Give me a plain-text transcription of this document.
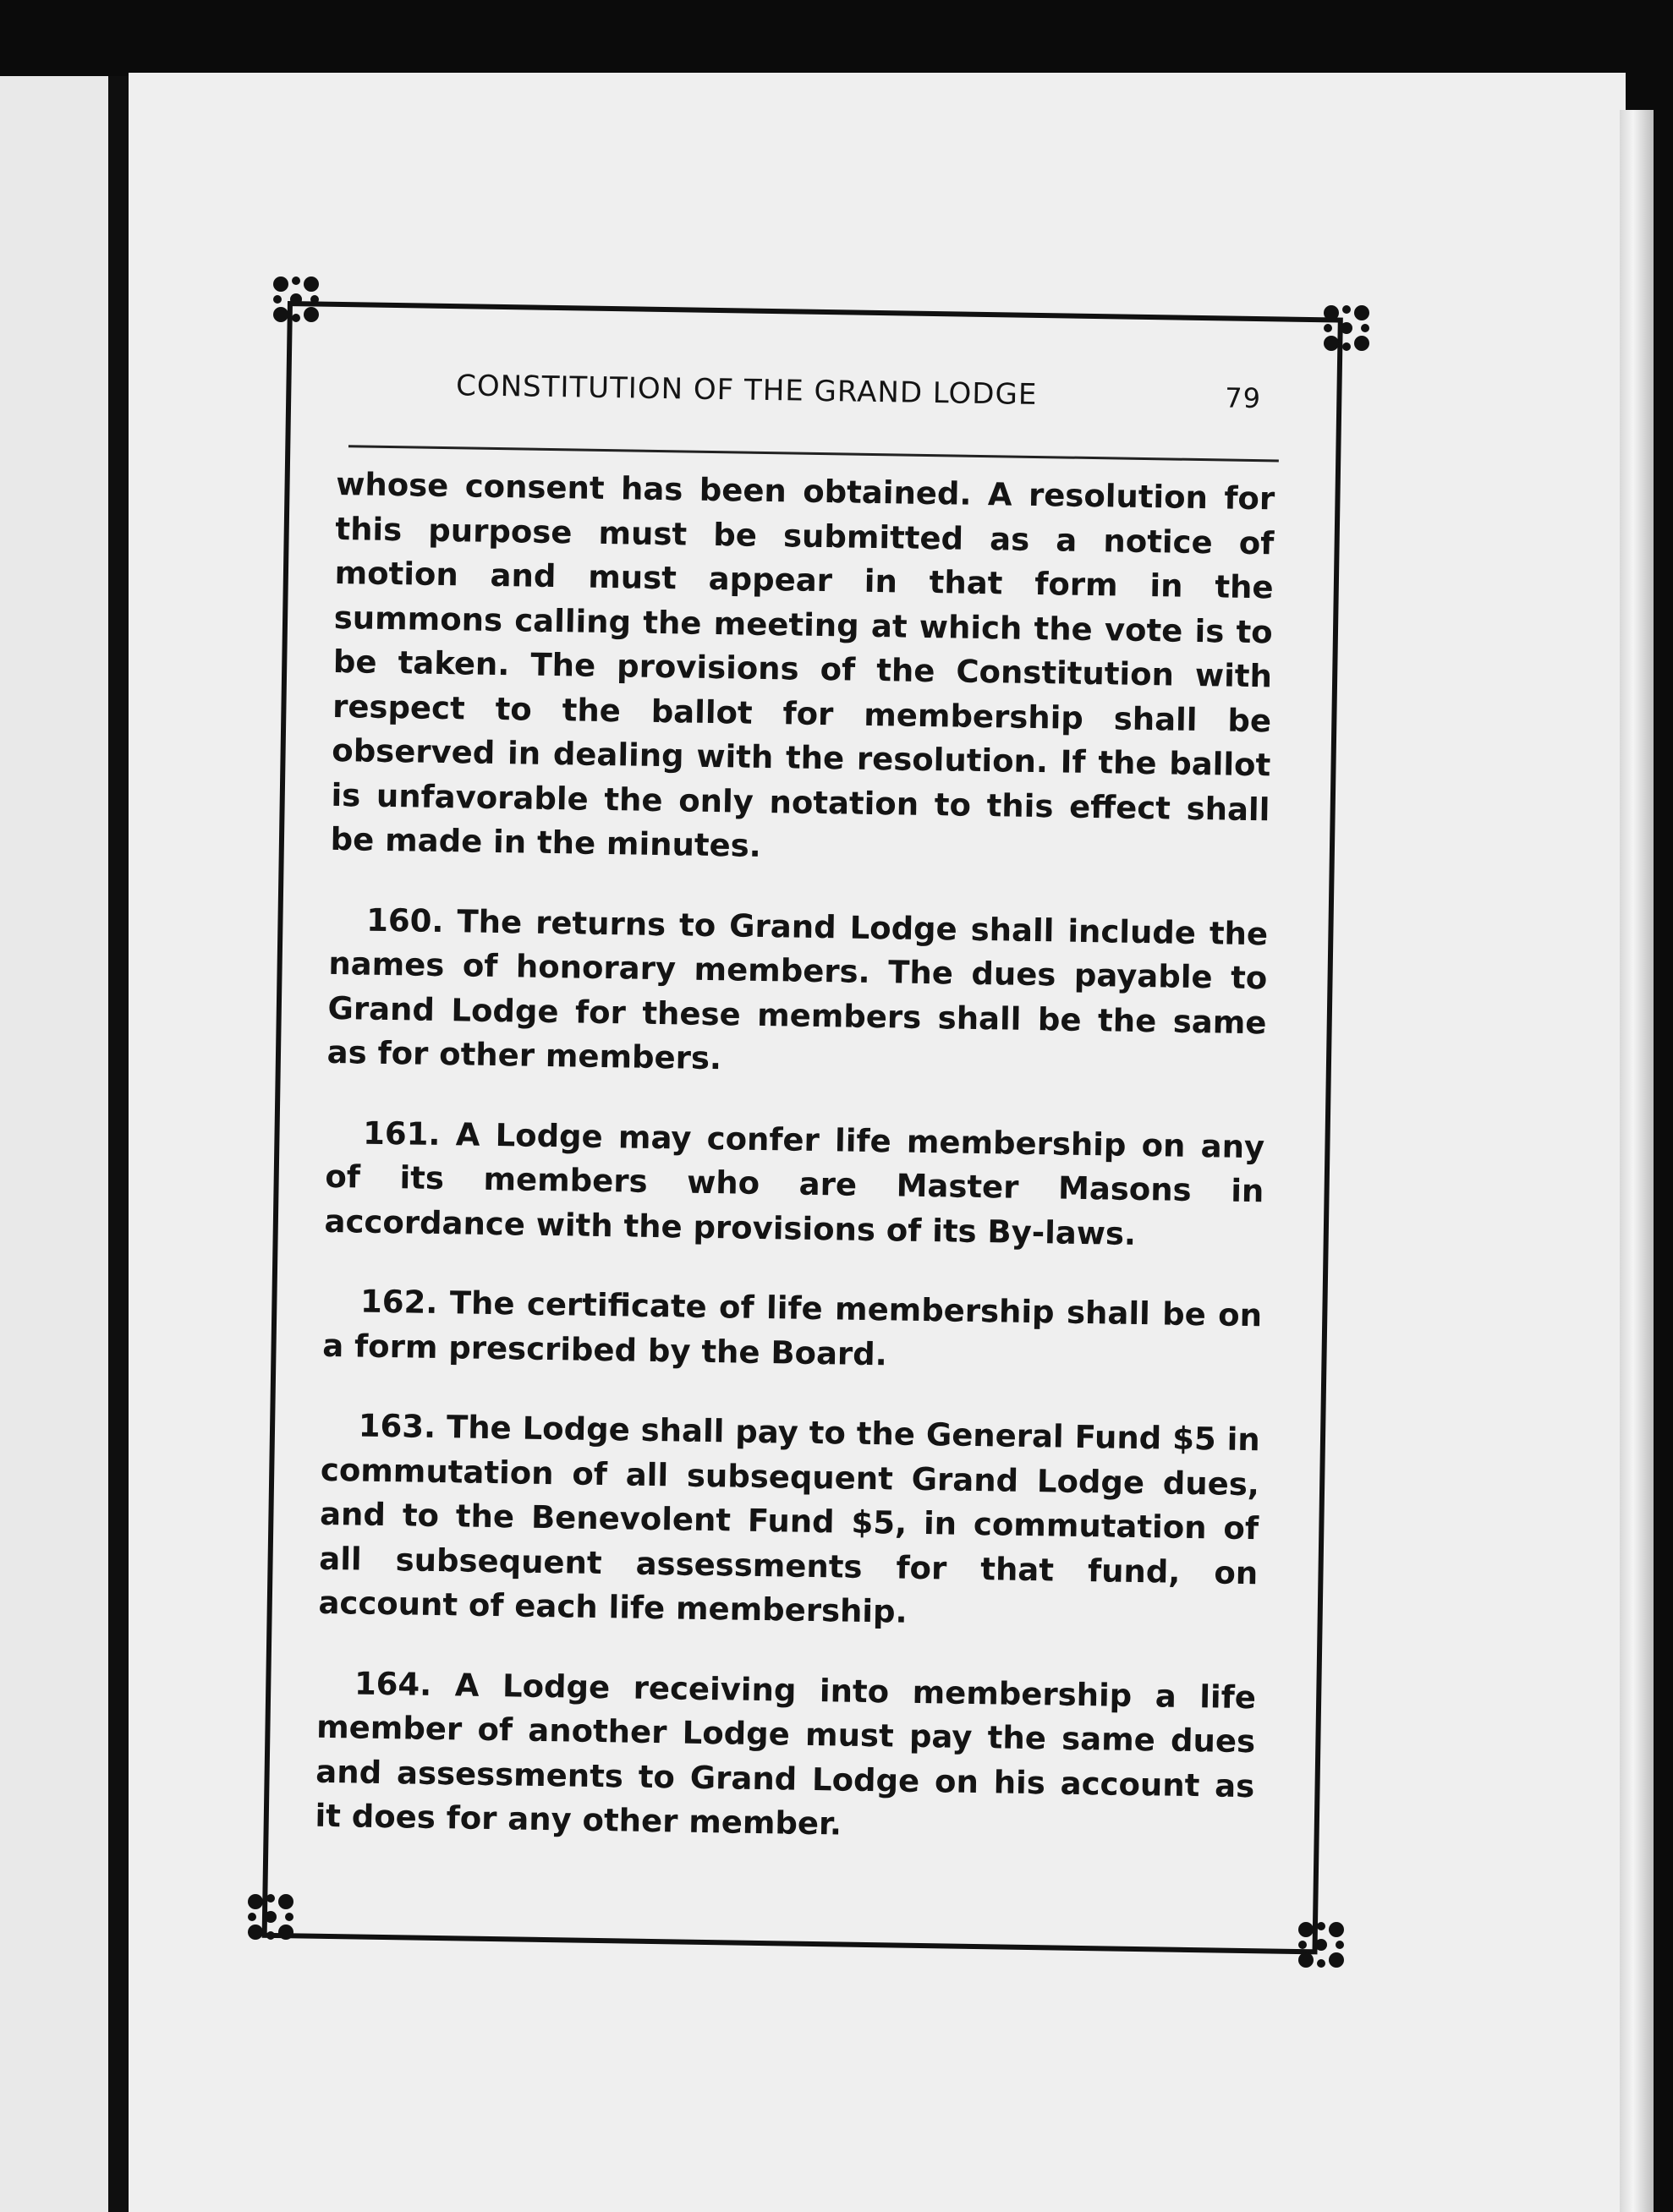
CONSTITUTION OF THE GRAND LODGE	79

whose consent has been obtained. A resolution for this purpose must be submitted as a notice of motion and must appear in that form in the summons calling the meeting at which the vote is to be taken. The provisions of the Constitution with respect to the ballot for membership shall be observed in dealing with the resolution. If the ballot is unfavorable the only notation to this effect shall be made in the minutes.

160. The returns to Grand Lodge shall include the names of honorary members. The dues payable to Grand Lodge for these members shall be the same as for other members.

161. A Lodge may confer life membership on any of its members who are Master Masons in accordance with the provisions of its By-laws.

162. The certificate of life membership shall be on a form prescribed by the Board.

163. The Lodge shall pay to the General Fund $5 in commutation of all subsequent Grand Lodge dues, and to the Benevolent Fund $5, in commutation of all subsequent assessments for that fund, on account of each life membership.

164. A Lodge receiving into membership a life member of another Lodge must pay the same dues and assessments to Grand Lodge on his account as it does for any other member.
